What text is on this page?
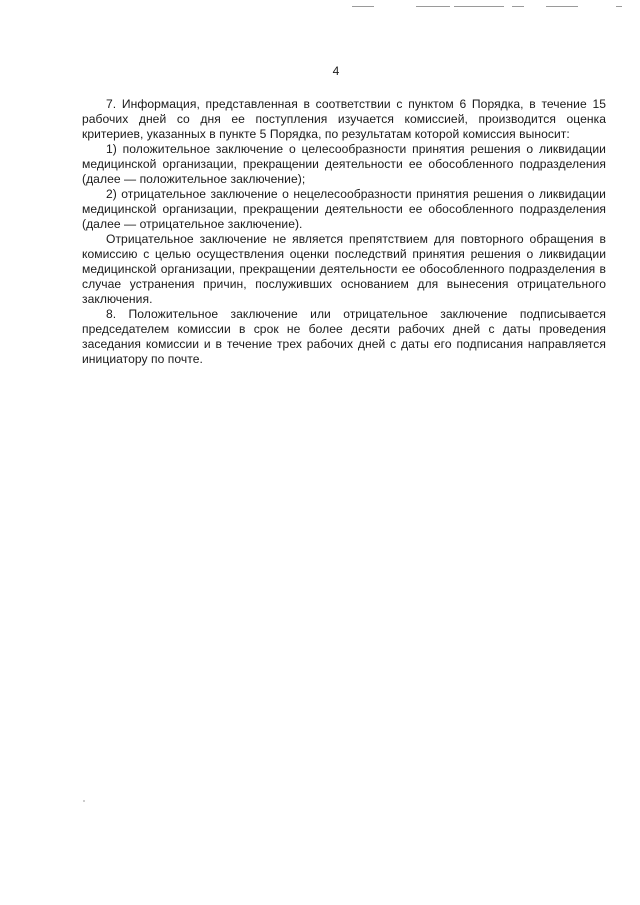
4

7. Информация, представленная в соответствии с пунктом 6 Порядка, в течение 15 рабочих дней со дня ее поступления изучается комиссией, производится оценка критериев, указанных в пункте 5 Порядка, по результатам которой комиссия выносит:

1) положительное заключение о целесообразности принятия решения о ликвидации медицинской организации, прекращении деятельности ее обособленного подразделения (далее — положительное заключение);

2) отрицательное заключение о нецелесообразности принятия решения о ликвидации медицинской организации, прекращении деятельности ее обособленного подразделения (далее — отрицательное заключение).

Отрицательное заключение не является препятствием для повторного обращения в комиссию с целью осуществления оценки последствий принятия решения о ликвидации медицинской организации, прекращении деятельности ее обособленного подразделения в случае устранения причин, послуживших основанием для вынесения отрицательного заключения.

8. Положительное заключение или отрицательное заключение подписывается председателем комиссии в срок не более десяти рабочих дней с даты проведения заседания комиссии и в течение трех рабочих дней с даты его подписания направляется инициатору по почте.
